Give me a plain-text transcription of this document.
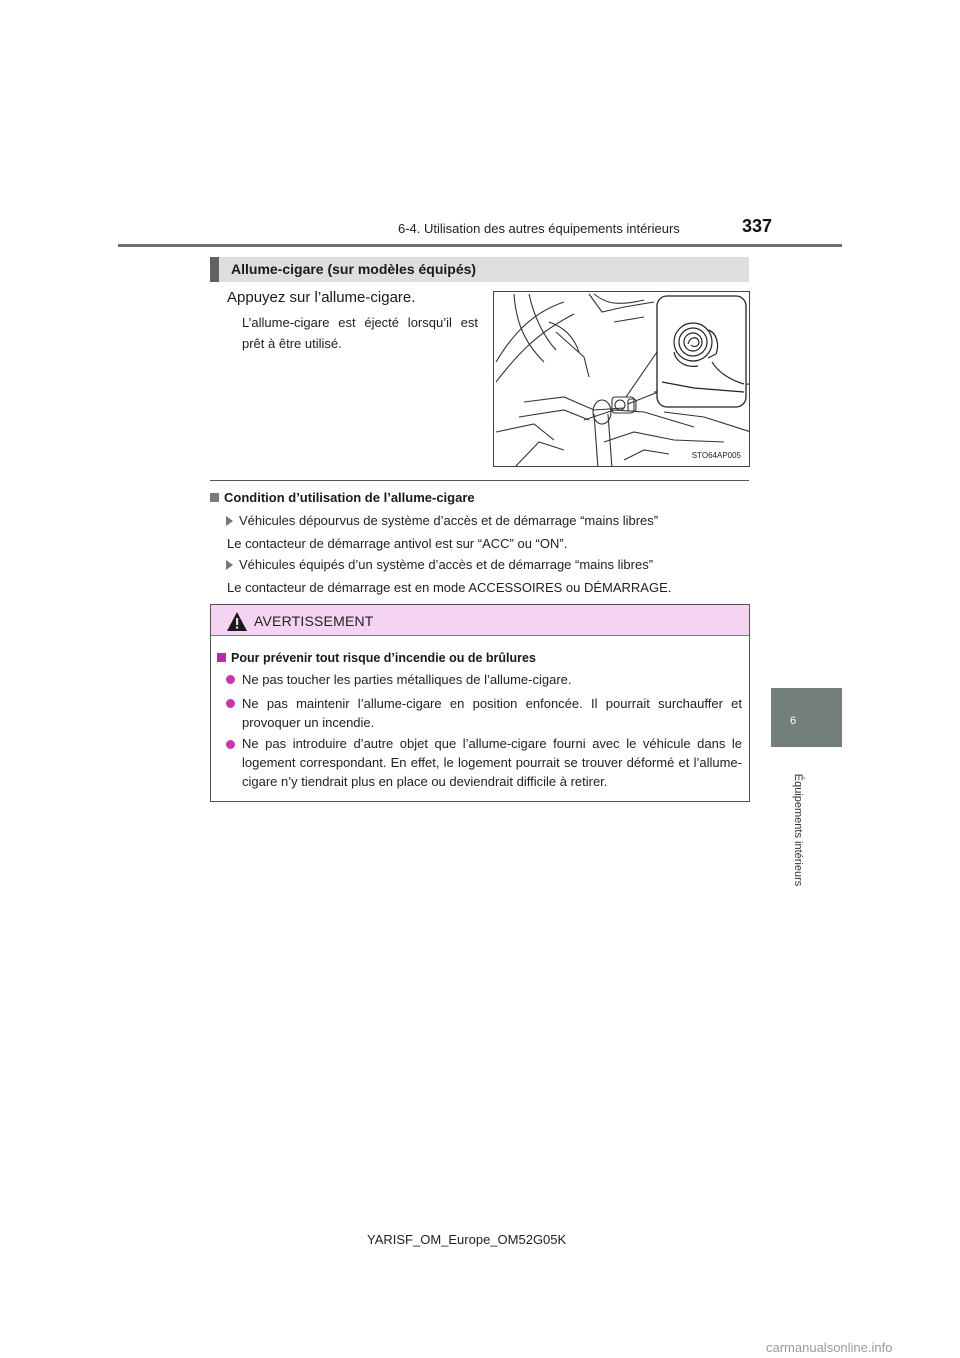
6-4. Utilisation des autres équipements intérieurs	337
6
Équipements intérieurs
Allume-cigare (sur modèles équipés)
Appuyez sur l’allume-cigare.
L’allume-cigare est éjecté lorsqu’il est prêt à être utilisé.
STO64AP005
Condition d’utilisation de l’allume-cigare
Véhicules dépourvus de système d’accès et de démarrage “mains libres”
Le contacteur de démarrage antivol est sur “ACC” ou “ON”.
Véhicules équipés d’un système d’accès et de démarrage “mains libres”
Le contacteur de démarrage est en mode ACCESSOIRES ou DÉMARRAGE.
AVERTISSEMENT
Pour prévenir tout risque d’incendie ou de brûlures
Ne pas toucher les parties métalliques de l’allume-cigare.
Ne pas maintenir l’allume-cigare en position enfoncée. Il pourrait surchauffer et provoquer un incendie.
Ne pas introduire d’autre objet que l’allume-cigare fourni avec le véhicule dans le logement correspondant. En effet, le logement pourrait se trouver déformé et l’allume-cigare n’y tiendrait plus en place ou deviendrait difficile à retirer.
YARISF_OM_Europe_OM52G05K
carmanualsonline.info
